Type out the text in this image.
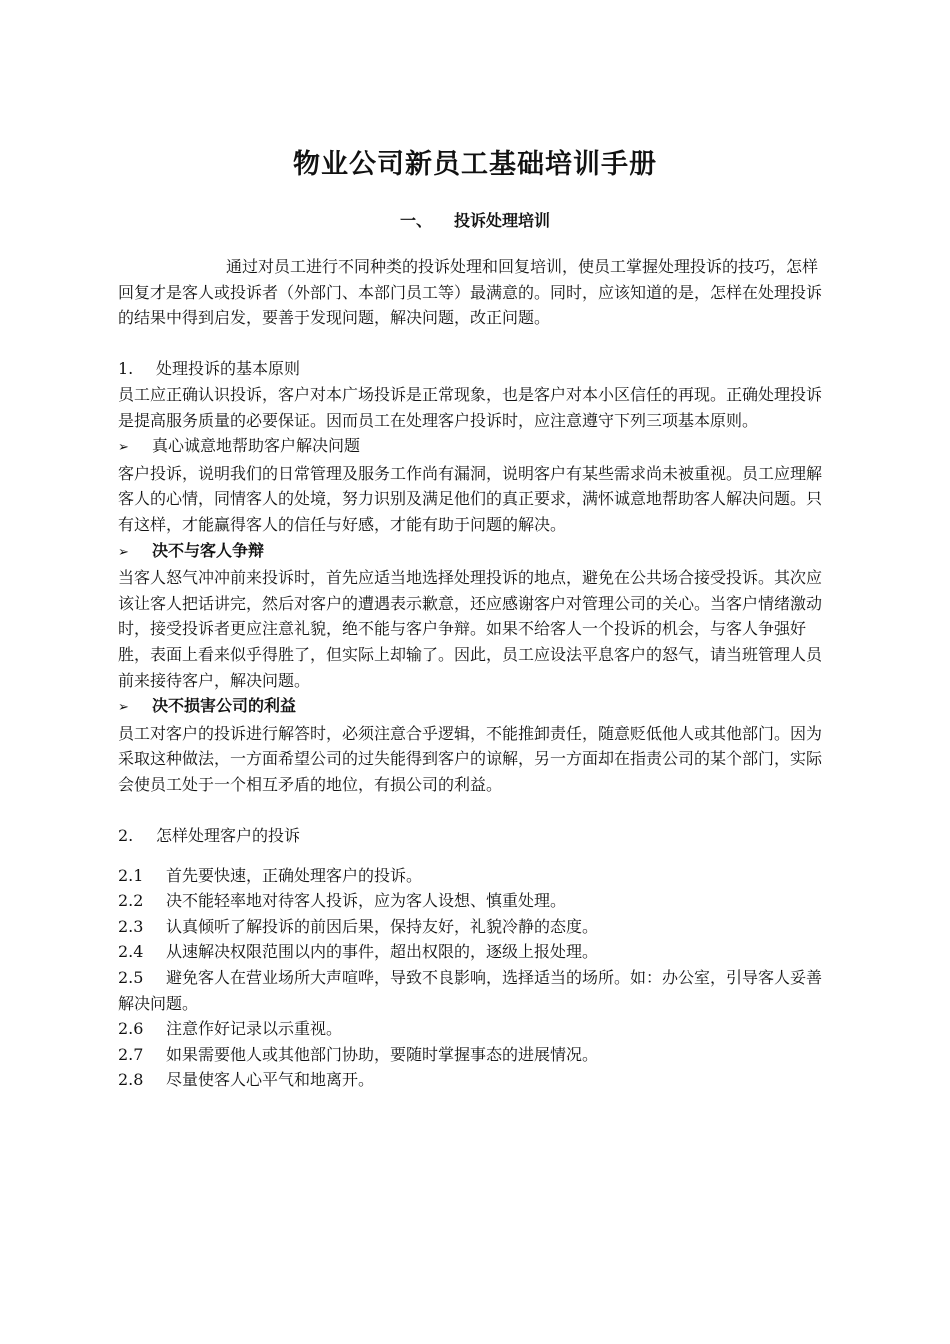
物业公司新员工基础培训手册
一、 投诉处理培训

通过对员工进行不同种类的投诉处理和回复培训，使员工掌握处理投诉的技巧，怎样回复才是客人或投诉者（外部门、本部门员工等）最满意的。同时，应该知道的是，怎样在处理投诉的结果中得到启发，要善于发现问题，解决问题，改正问题。

1. 处理投诉的基本原则

员工应正确认识投诉，客户对本广场投诉是正常现象，也是客户对本小区信任的再现。正确处理投诉是提高服务质量的必要保证。因而员工在处理客户投诉时，应注意遵守下列三项基本原则。

➢	真心诚意地帮助客户解决问题

客户投诉，说明我们的日常管理及服务工作尚有漏洞，说明客户有某些需求尚未被重视。员工应理解客人的心情，同情客人的处境，努力识别及满足他们的真正要求，满怀诚意地帮助客人解决问题。只有这样，才能赢得客人的信任与好感，才能有助于问题的解决。

➢	决不与客人争辩

当客人怒气冲冲前来投诉时，首先应适当地选择处理投诉的地点，避免在公共场合接受投诉。其次应该让客人把话讲完，然后对客户的遭遇表示歉意，还应感谢客户对管理公司的关心。当客户情绪激动时，接受投诉者更应注意礼貌，绝不能与客户争辩。如果不给客人一个投诉的机会，与客人争强好胜，表面上看来似乎得胜了，但实际上却输了。因此，员工应设法平息客户的怒气，请当班管理人员前来接待客户，解决问题。

➢	决不损害公司的利益

员工对客户的投诉进行解答时，必须注意合乎逻辑，不能推卸责任，随意贬低他人或其他部门。因为采取这种做法，一方面希望公司的过失能得到客户的谅解，另一方面却在指责公司的某个部门，实际会使员工处于一个相互矛盾的地位，有损公司的利益。

2. 怎样处理客户的投诉

2.1	首先要快速，正确处理客户的投诉。
2.2	决不能轻率地对待客人投诉，应为客人设想、慎重处理。
2.3	认真倾听了解投诉的前因后果，保持友好，礼貌冷静的态度。
2.4	从速解决权限范围以内的事件，超出权限的，逐级上报处理。

2.5 避免客人在营业场所大声喧哗，导致不良影响，选择适当的场所。如：办公室，引导客人妥善解决问题。

2.6	注意作好记录以示重视。
2.7	如果需要他人或其他部门协助，要随时掌握事态的进展情况。
2.8	尽量使客人心平气和地离开。
